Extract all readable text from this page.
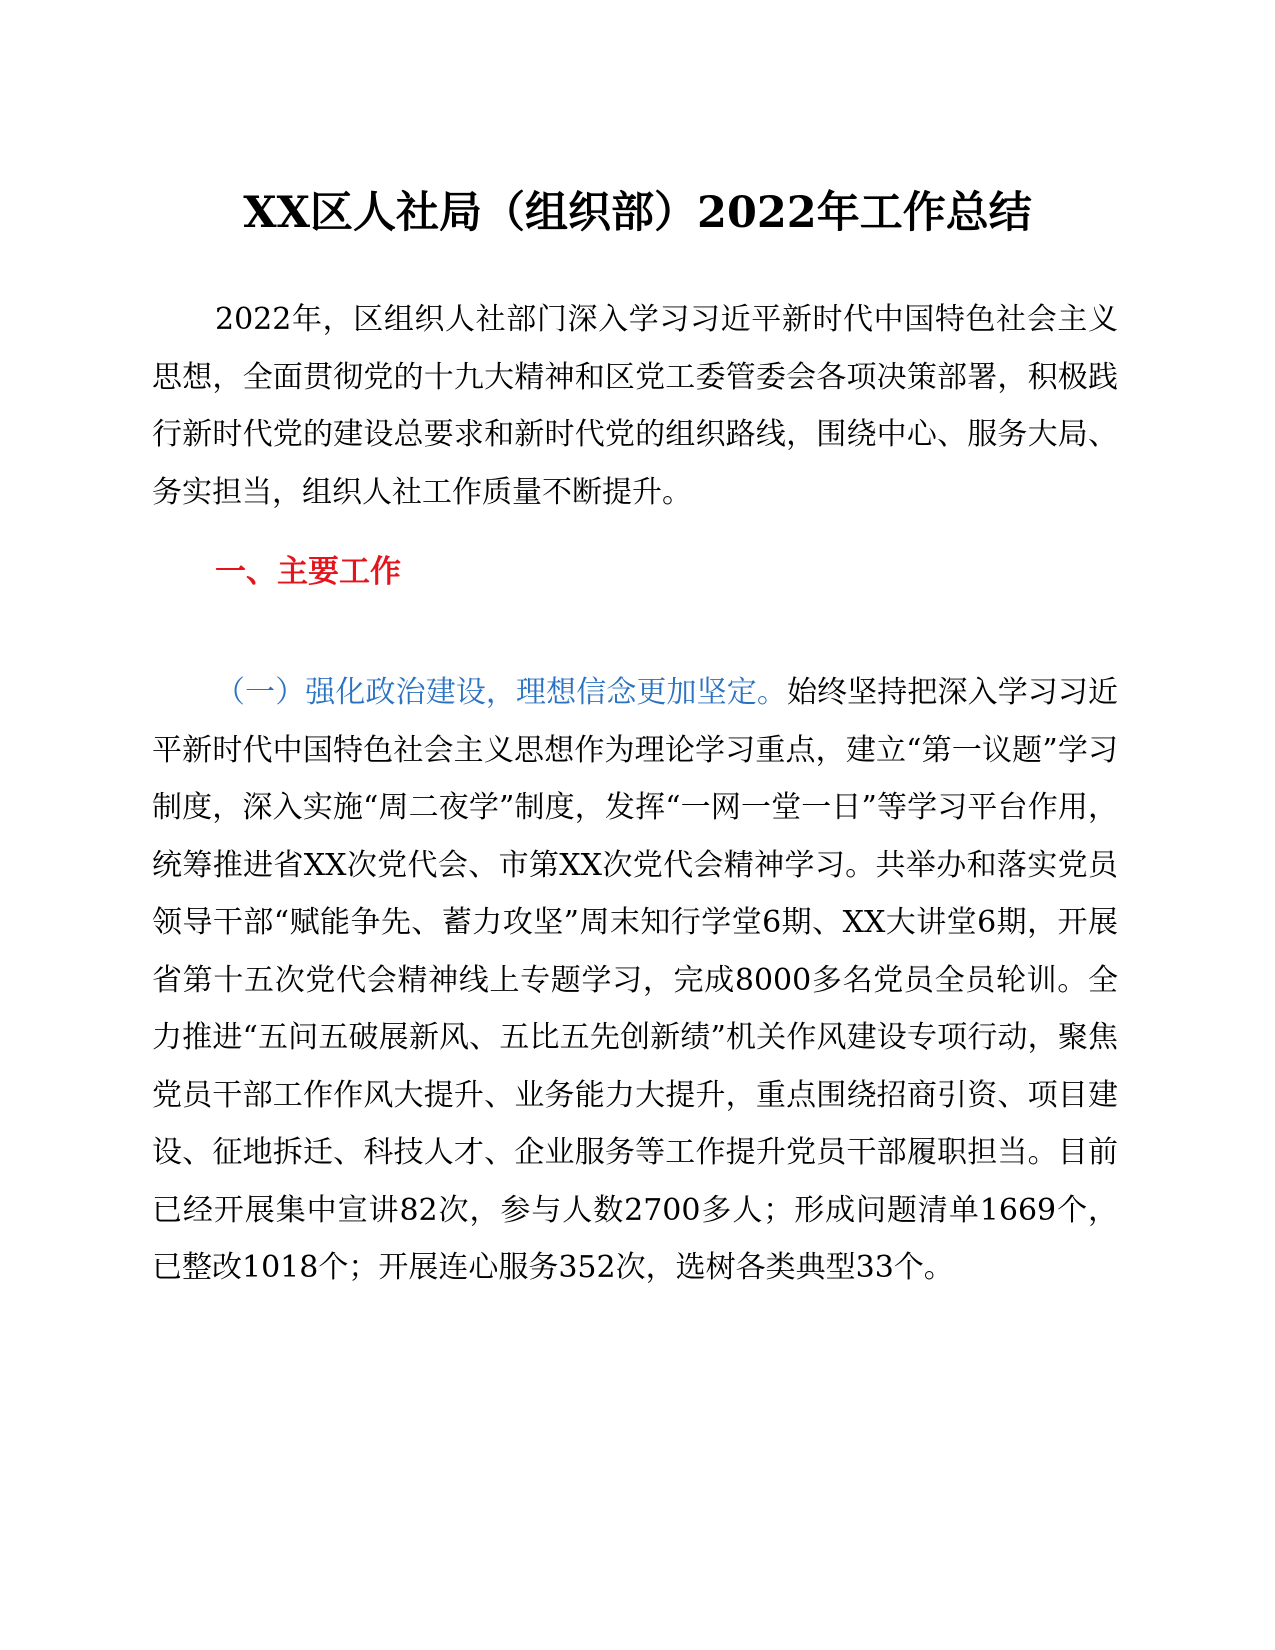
XX区人社局（组织部）2022年工作总结

2022年，区组织人社部门深入学习习近平新时代中国特色社会主义思想，全面贯彻党的十九大精神和区党工委管委会各项决策部署，积极践行新时代党的建设总要求和新时代党的组织路线，围绕中心、服务大局、务实担当，组织人社工作质量不断提升。

一、主要工作

（一）强化政治建设，理想信念更加坚定。始终坚持把深入学习习近平新时代中国特色社会主义思想作为理论学习重点，建立“第一议题”学习制度，深入实施“周二夜学”制度，发挥“一网一堂一日”等学习平台作用，统筹推进省XX次党代会、市第XX次党代会精神学习。共举办和落实党员领导干部“赋能争先、蓄力攻坚”周末知行学堂6期、XX大讲堂6期，开展省第十五次党代会精神线上专题学习，完成8000多名党员全员轮训。全力推进“五问五破展新风、五比五先创新绩”机关作风建设专项行动，聚焦党员干部工作作风大提升、业务能力大提升，重点围绕招商引资、项目建设、征地拆迁、科技人才、企业服务等工作提升党员干部履职担当。目前已经开展集中宣讲82次，参与人数2700多人；形成问题清单1669个，已整改1018个；开展连心服务352次，选树各类典型33个。
